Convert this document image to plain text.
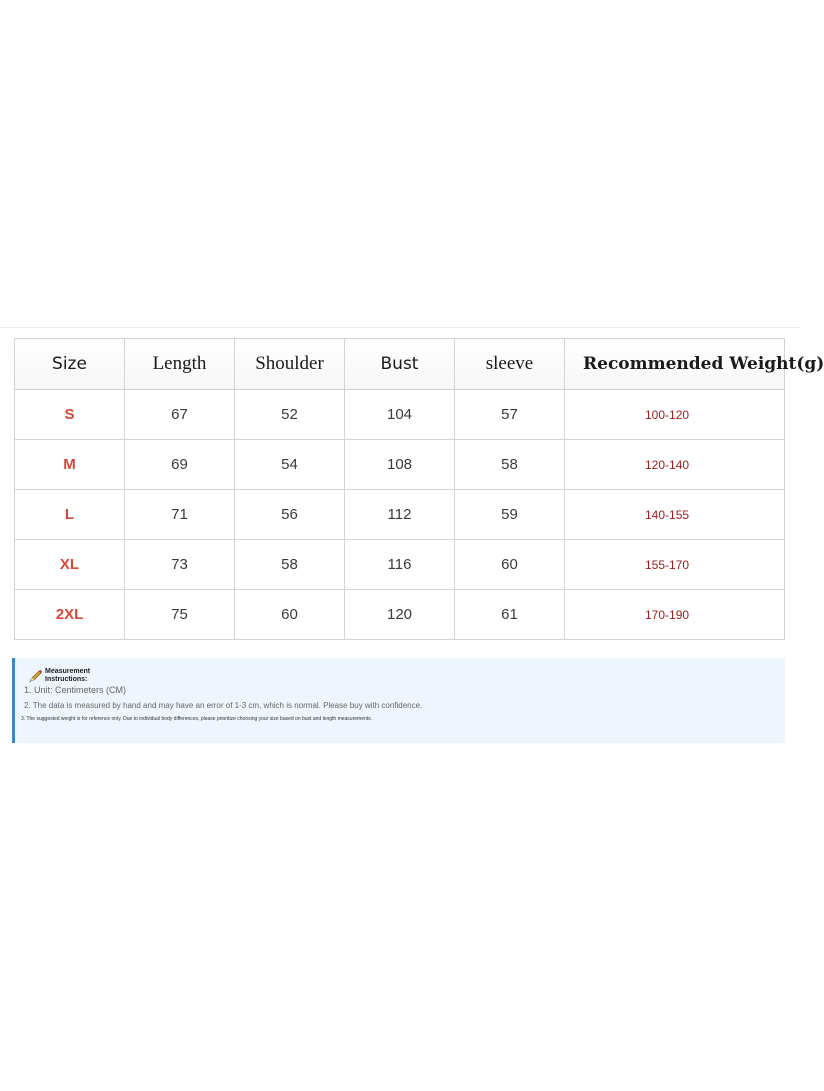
Size	Length	Shoulder	Bust	sleeve	Recommended Weight(g)
S	67	52	104	57	100-120
M	69	54	108	58	120-140
L	71	56	112	59	140-155
XL	73	58	116	60	155-170
2XL	75	60	120	61	170-190
Measurement Instructions:
1. Unit: Centimeters (CM)
2. The data is measured by hand and may have an error of 1-3 cm, which is normal. Please buy with confidence.
3. The suggested weight is for reference only. Due to individual body differences, please prioritize choosing your size based on bust and length measurements.
